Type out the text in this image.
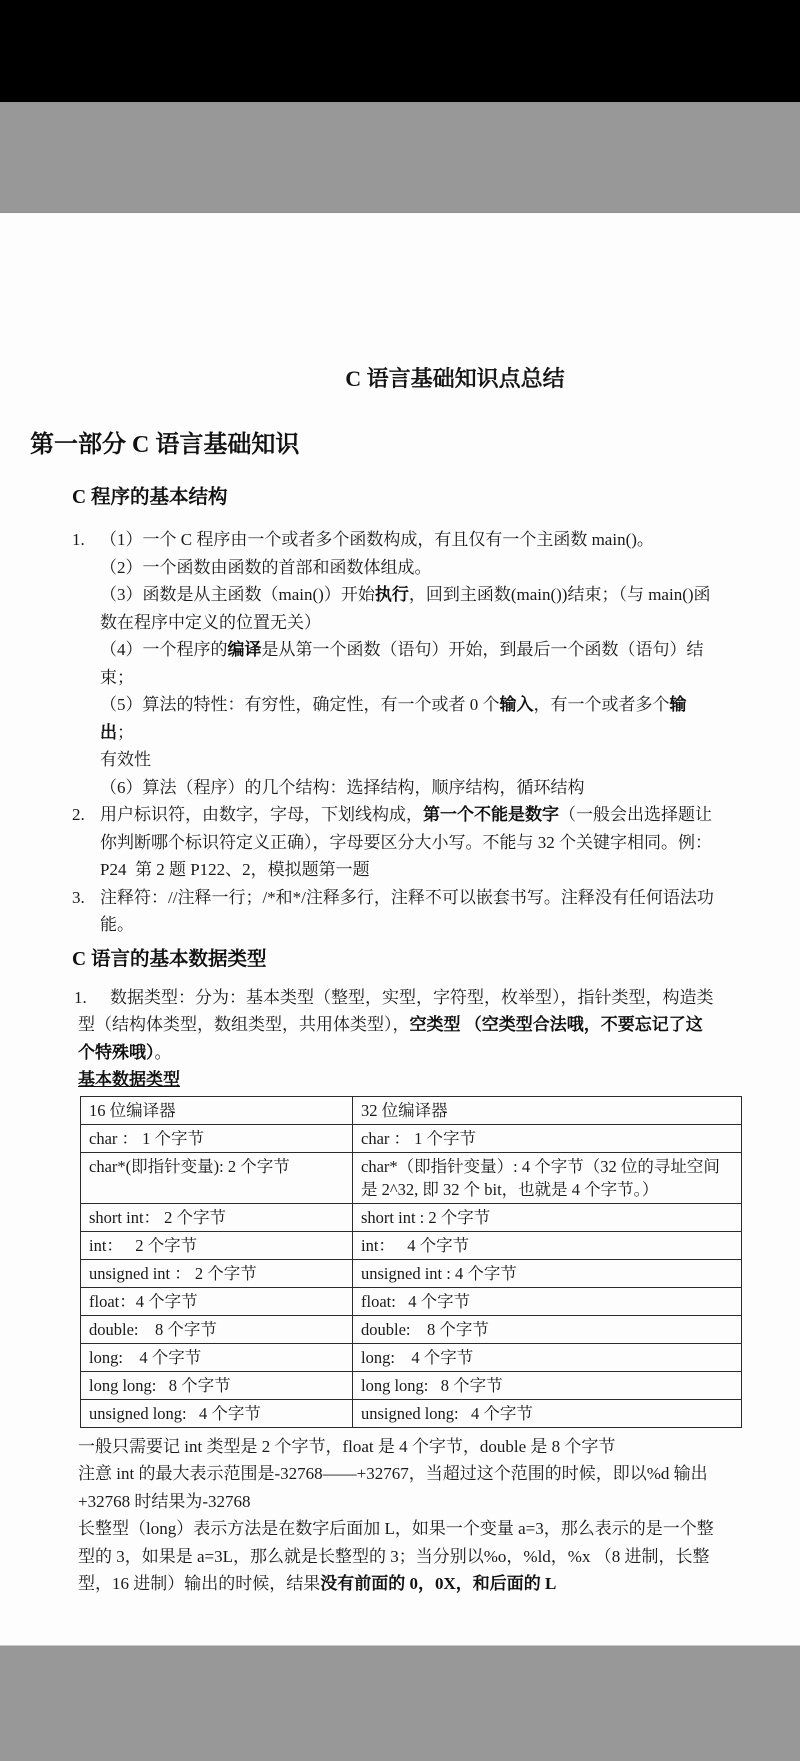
C 语言基础知识点总结
第一部分 C 语言基础知识
C 程序的基本结构
1. （1）一个 C 程序由一个或者多个函数构成，有且仅有一个主函数 main()。
（2）一个函数由函数的首部和函数体组成。
（3）函数是从主函数（main()）开始执行，回到主函数(main())结束；（与 main()函
数在程序中定义的位置无关）
（4）一个程序的编译是从第一个函数（语句）开始，到最后一个函数（语句）结束；
（5）算法的特性：有穷性，确定性，有一个或者 0 个输入，有一个或者多个输出；
有效性
（6）算法（程序）的几个结构：选择结构，顺序结构，循环结构
2. 用户标识符，由数字，字母，下划线构成，第一个不能是数字（一般会出选择题让
你判断哪个标识符定义正确），字母要区分大小写。不能与 32 个关键字相同。例：
P24  第 2 题 P122、2，模拟题第一题
3. 注释符：//注释一行；/*和*/注释多行，注释不可以嵌套书写。注释没有任何语法功
能。
C 语言的基本数据类型
1. 数据类型：分为：基本类型（整型，实型，字符型，枚举型），指针类型，构造类
型（结构体类型，数组类型，共用体类型），空类型 （空类型合法哦，不要忘记了这
个特殊哦）。
基本数据类型
16 位编译器	32 位编译器
char ： 1 个字节	char ： 1 个字节
char*(即指针变量): 2 个字节	char*（即指针变量）: 4 个字节（32 位的寻址空间是 2^32, 即 32 个 bit，也就是 4 个字节。）
short int： 2 个字节	short int : 2 个字节
int：   2 个字节	int：   4 个字节
unsigned int ： 2 个字节	unsigned int : 4 个字节
float：4 个字节	float:   4 个字节
double:    8 个字节	double:    8 个字节
long:    4 个字节	long:    4 个字节
long long:   8 个字节	long long:   8 个字节
unsigned long:   4 个字节	unsigned long:   4 个字节
一般只需要记 int 类型是 2 个字节，float 是 4 个字节，double 是 8 个字节
注意 int 的最大表示范围是-32768——+32767，当超过这个范围的时候，即以%d 输出
+32768 时结果为-32768
长整型（long）表示方法是在数字后面加 L，如果一个变量 a=3，那么表示的是一个整
型的 3，如果是 a=3L，那么就是长整型的 3；当分别以%o，%ld，%x （8 进制，长整
型，16 进制）输出的时候，结果没有前面的 0，0X，和后面的 L
